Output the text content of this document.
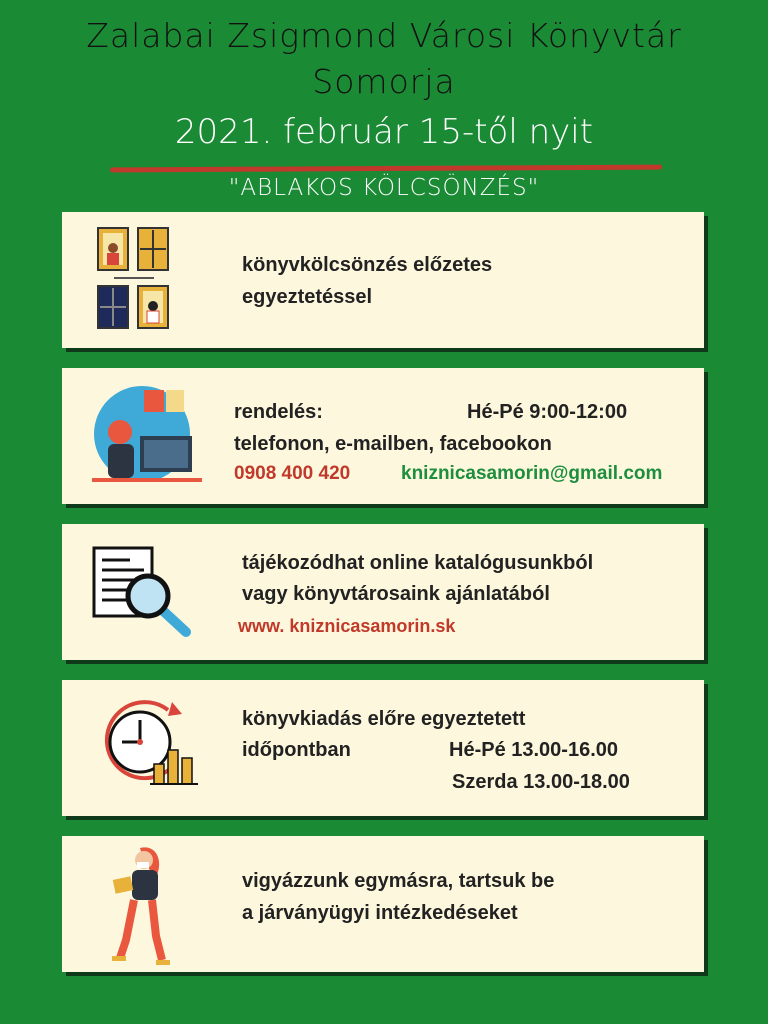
Zalabai Zsigmond Városi Könyvtár
Somorja
2021. február 15-től nyit
"ABLAKOS KÖLCSÖNZÉS"
könyvkölcsönzés előzetes
egyeztetéssel
rendelés:	Hé-Pé 9:00-12:00
telefonon, e-mailben, facebookon
0908 400 420	kniznicasamorin@gmail.com
tájékozódhat online katalógusunkból
vagy könyvtárosaink ajánlatából
www. kniznicasamorin.sk
könyvkiadás előre egyeztetett
időpontban	Hé-Pé 13.00-16.00
Szerda 13.00-18.00
vigyázzunk egymásra, tartsuk be
a járványügyi intézkedéseket
